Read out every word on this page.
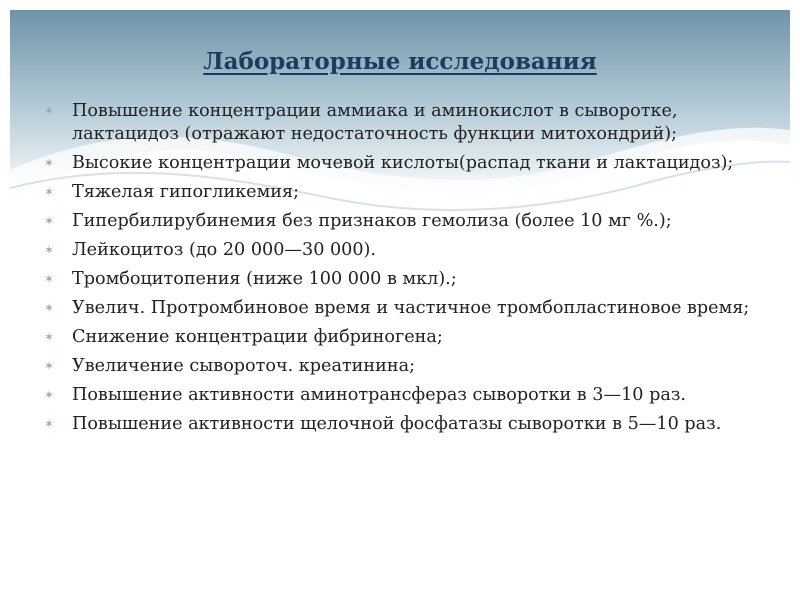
Лабораторные исследования
✶ Повышение концентрации аммиака и аминокислот в сыворотке, лактацидоз (отражают недостаточность функции митохондрий);
✶ Высокие концентрации мочевой кислоты(распад ткани и лактацидоз);
✶ Тяжелая гипогликемия;
✶ Гипербилирубинемия без признаков гемолиза (более 10 мг %.);
✶ Лейкоцитоз (до 20 000—30 000).
✶ Тромбоцитопения (ниже 100 000 в мкл).;
✶ Увелич. Протромбиновое время и частичное тромбопластиновое время;
✶ Снижение концентрации фибриногена;
✶ Увеличение сывороточ. креатинина;
✶ Повышение активности аминотрансфераз сыворотки в 3—10 раз.
✶ Повышение активности щелочной фосфатазы сыворотки в 5—10 раз.
